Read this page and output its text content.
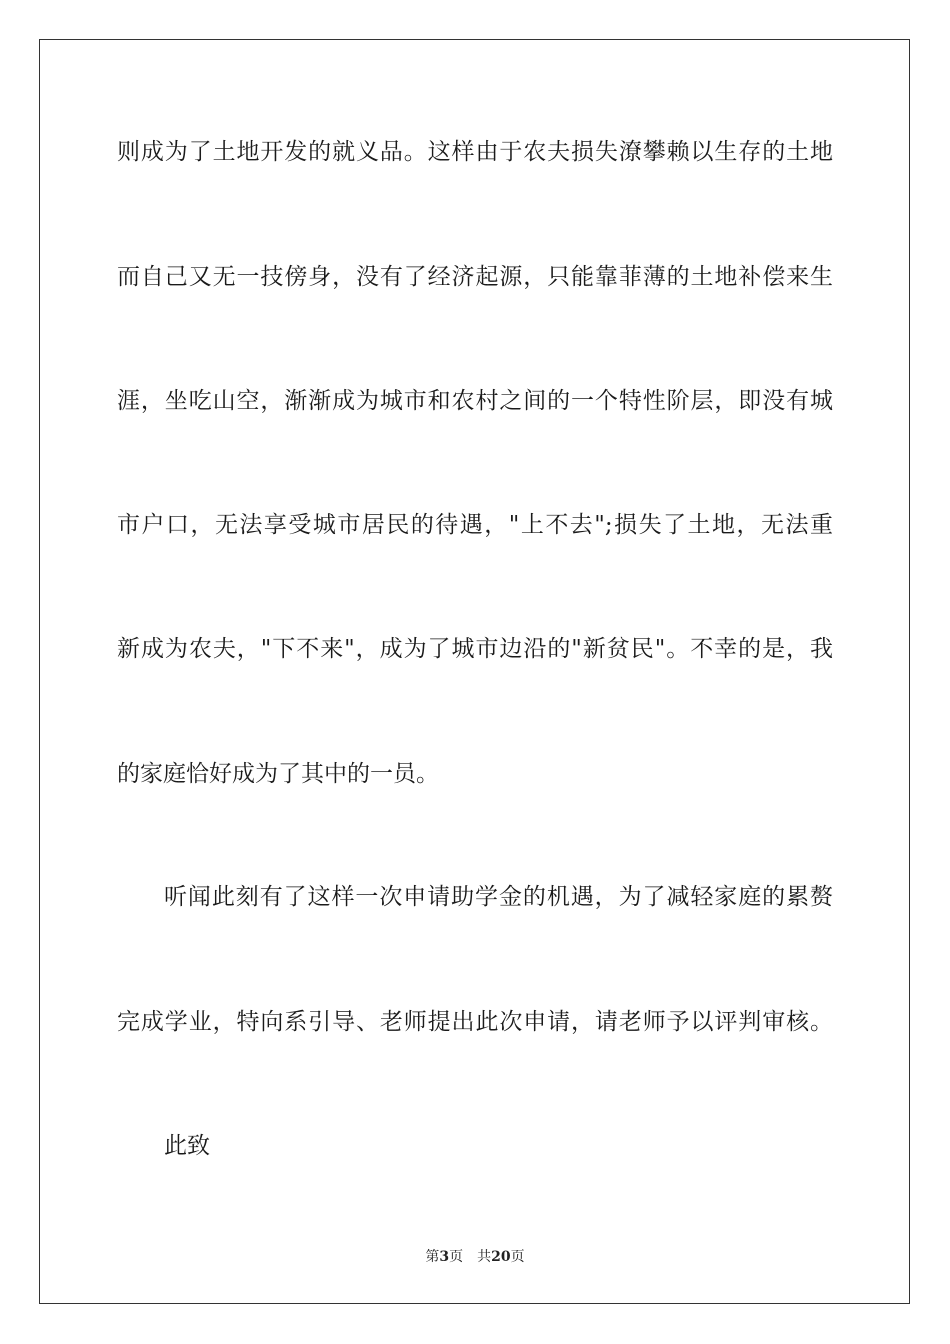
则成为了土地开发的就义品。这样由于农夫损失潦攀赖以生存的土地
而自己又无一技傍身，没有了经济起源，只能靠菲薄的土地补偿来生
涯，坐吃山空，渐渐成为城市和农村之间的一个特性阶层，即没有城
市户口，无法享受城市居民的待遇，"上不去";损失了土地，无法重
新成为农夫，"下不来"，成为了城市边沿的"新贫民"。不幸的是，我
的家庭恰好成为了其中的一员。
听闻此刻有了这样一次申请助学金的机遇，为了减轻家庭的累赘
完成学业，特向系引导、老师提出此次申请，请老师予以评判审核。
此致
第3页　共20页
